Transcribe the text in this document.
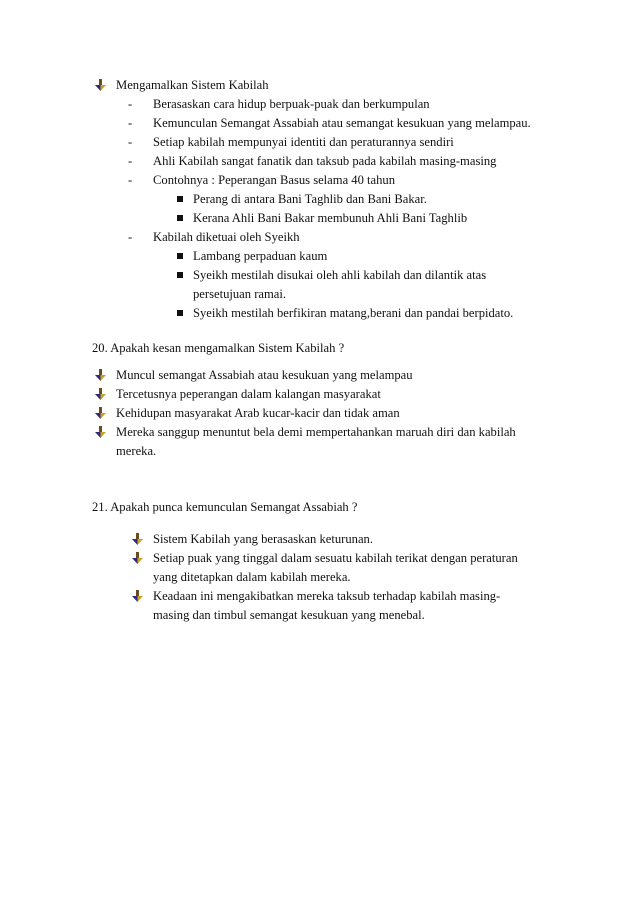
Mengamalkan Sistem Kabilah
- Berasaskan cara hidup berpuak-puak dan berkumpulan
- Kemunculan Semangat Assabiah atau semangat kesukuan yang melampau.
- Setiap kabilah mempunyai identiti dan peraturannya sendiri
- Ahli Kabilah sangat fanatik dan taksub pada kabilah masing-masing
- Contohnya : Peperangan Basus selama 40 tahun
Perang di antara Bani Taghlib dan Bani Bakar.
Kerana Ahli Bani Bakar membunuh Ahli Bani Taghlib
- Kabilah diketuai oleh Syeikh
Lambang perpaduan kaum
Syeikh mestilah disukai oleh ahli kabilah dan dilantik atas
persetujuan ramai.
Syeikh mestilah berfikiran matang,berani dan pandai berpidato.
20. Apakah kesan mengamalkan Sistem Kabilah ?
Muncul semangat Assabiah atau kesukuan yang melampau
Tercetusnya peperangan dalam kalangan masyarakat
Kehidupan masyarakat Arab kucar-kacir dan tidak aman
Mereka sanggup menuntut bela demi mempertahankan maruah diri dan kabilah
mereka.
21. Apakah punca kemunculan Semangat Assabiah ?
Sistem Kabilah yang berasaskan keturunan.
Setiap puak yang tinggal dalam sesuatu kabilah terikat dengan peraturan
yang ditetapkan dalam kabilah mereka.
Keadaan ini mengakibatkan mereka taksub terhadap kabilah masing-
masing dan timbul semangat kesukuan yang menebal.
